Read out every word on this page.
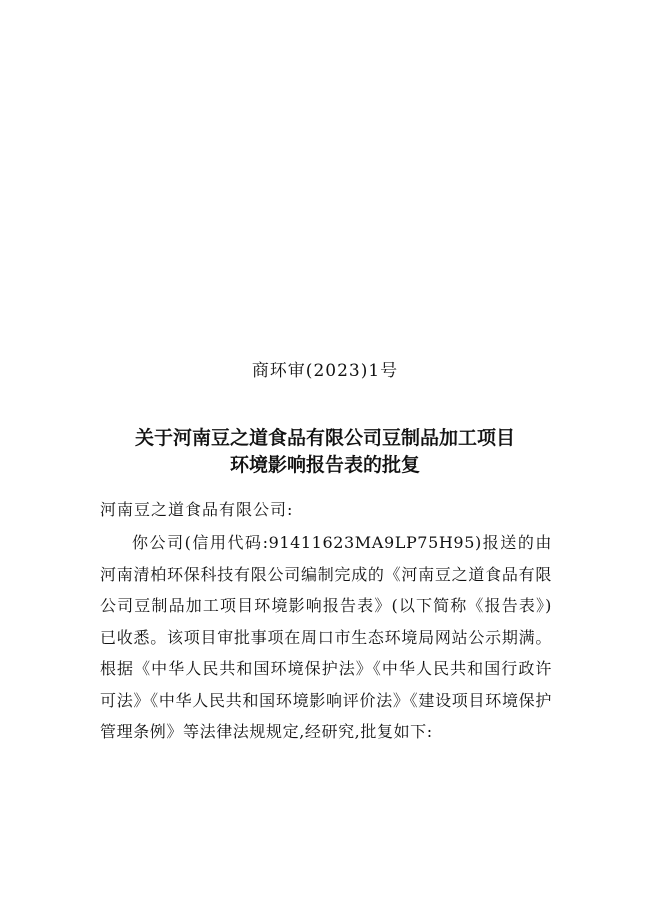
商环审(2023)1号
关于河南豆之道食品有限公司豆制品加工项目
环境影响报告表的批复
河南豆之道食品有限公司:

你公司(信用代码:91411623MA9LP75H95)报送的由河南清柏环保科技有限公司编制完成的《河南豆之道食品有限公司豆制品加工项目环境影响报告表》(以下简称《报告表》)已收悉。该项目审批事项在周口市生态环境局网站公示期满。根据《中华人民共和国环境保护法》《中华人民共和国行政许可法》《中华人民共和国环境影响评价法》《建设项目环境保护管理条例》等法律法规规定,经研究,批复如下:
